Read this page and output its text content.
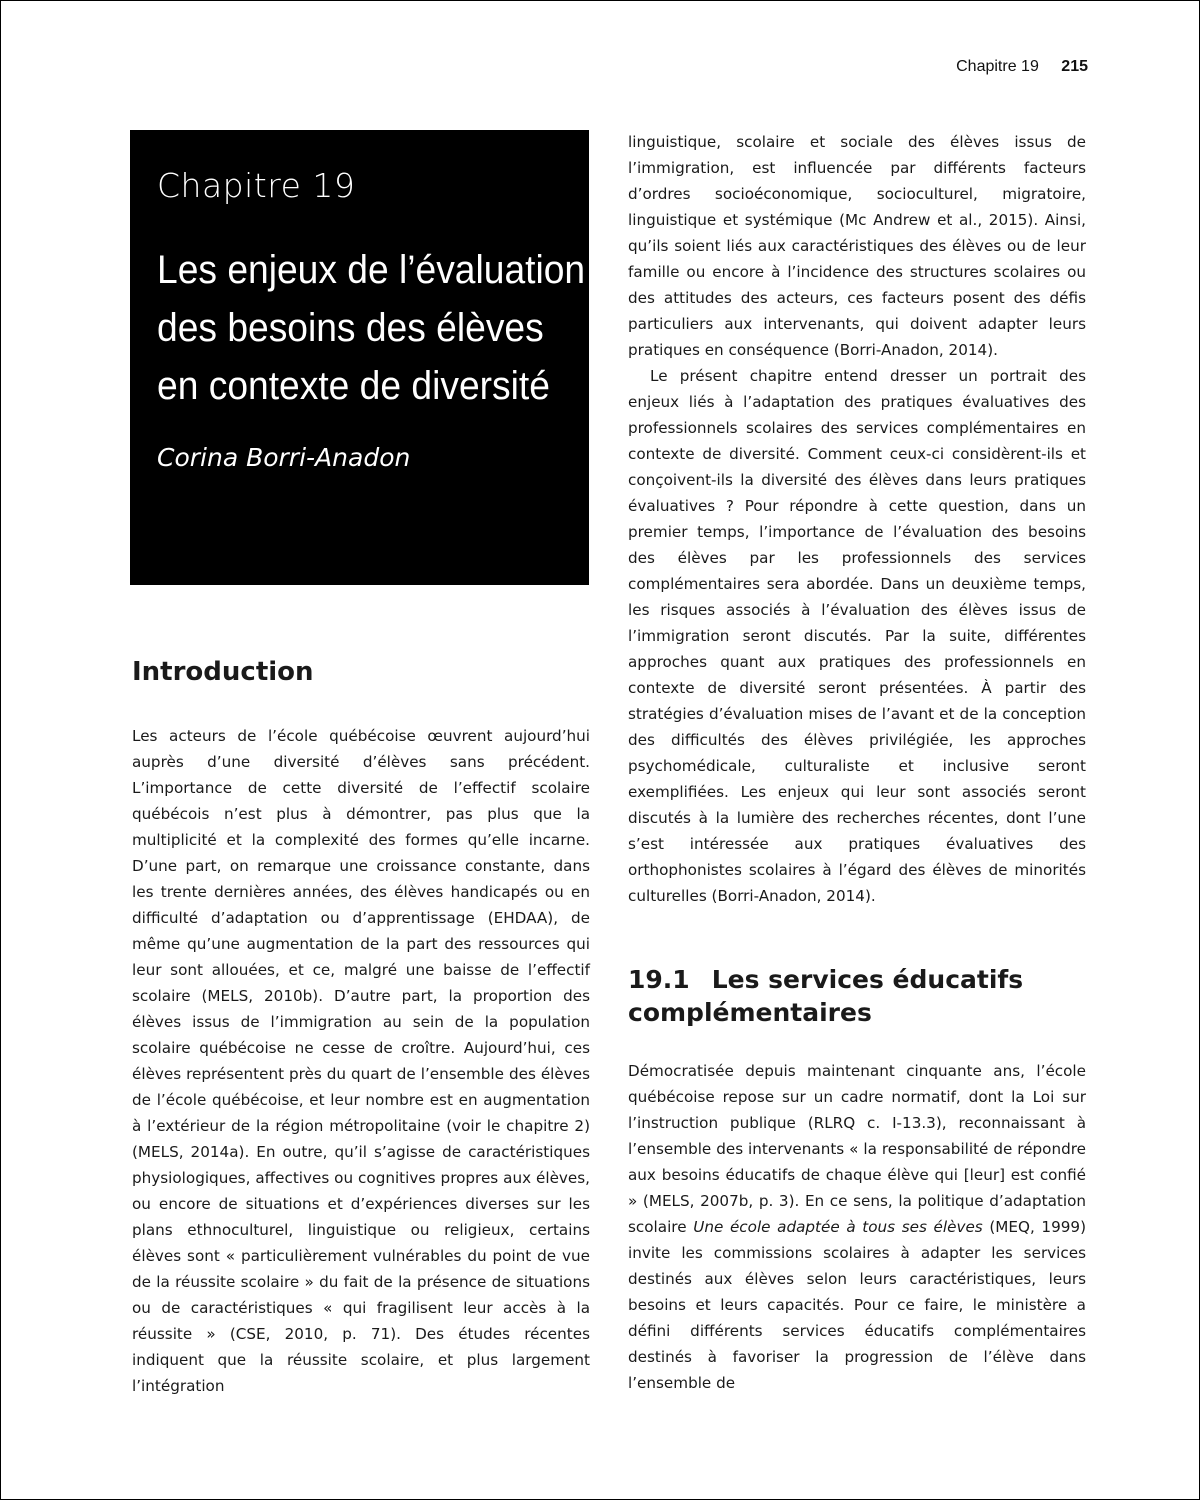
Chapitre 19 215
Chapitre 19
Les enjeux de l’évaluation des besoins des élèves en contexte de diversité
Corina Borri-Anadon
Introduction

Les acteurs de l’école québécoise œuvrent aujourd’hui auprès d’une diversité d’élèves sans précédent. L’importance de cette diversité de l’effectif scolaire québécois n’est plus à démontrer, pas plus que la multiplicité et la complexité des formes qu’elle incarne. D’une part, on remarque une croissance constante, dans les trente dernières années, des élèves handicapés ou en difficulté d’adaptation ou d’apprentissage (EHDAA), de même qu’une augmentation de la part des ressources qui leur sont allouées, et ce, malgré une baisse de l’effectif scolaire (MELS, 2010b). D’autre part, la proportion des élèves issus de l’immigration au sein de la population scolaire québécoise ne cesse de croître. Aujourd’hui, ces élèves représentent près du quart de l’ensemble des élèves de l’école québécoise, et leur nombre est en augmentation à l’extérieur de la région métropolitaine (voir le chapitre 2) (MELS, 2014a). En outre, qu’il s’agisse de caractéristiques physiologiques, affectives ou cognitives propres aux élèves, ou encore de situations et d’expériences diverses sur les plans ethnoculturel, linguistique ou religieux, certains élèves sont « particulièrement vulnérables du point de vue de la réussite scolaire » du fait de la présence de situations ou de caractéristiques « qui fragilisent leur accès à la réussite » (CSE, 2010, p. 71). Des études récentes indiquent que la réussite scolaire, et plus largement l’intégration

linguistique, scolaire et sociale des élèves issus de l’immigration, est influencée par différents facteurs d’ordres socioéconomique, socioculturel, migratoire, linguistique et systémique (Mc Andrew et al., 2015). Ainsi, qu’ils soient liés aux caractéristiques des élèves ou de leur famille ou encore à l’incidence des structures scolaires ou des attitudes des acteurs, ces facteurs posent des défis particuliers aux intervenants, qui doivent adapter leurs pratiques en conséquence (Borri-Anadon, 2014).

Le présent chapitre entend dresser un portrait des enjeux liés à l’adaptation des pratiques évaluatives des professionnels scolaires des services complémentaires en contexte de diversité. Comment ceux-ci considèrent-ils et conçoivent-ils la diversité des élèves dans leurs pratiques évaluatives ? Pour répondre à cette question, dans un premier temps, l’importance de l’évaluation des besoins des élèves par les professionnels des services complémentaires sera abordée. Dans un deuxième temps, les risques associés à l’évaluation des élèves issus de l’immigration seront discutés. Par la suite, différentes approches quant aux pratiques des professionnels en contexte de diversité seront présentées. À partir des stratégies d’évaluation mises de l’avant et de la conception des difficultés des élèves privilégiée, les approches psychomédicale, culturaliste et inclusive seront exemplifiées. Les enjeux qui leur sont associés seront discutés à la lumière des recherches récentes, dont l’une s’est intéressée aux pratiques évaluatives des orthophonistes scolaires à l’égard des élèves de minorités culturelles (Borri-Anadon, 2014).

19.1 Les services éducatifs complémentaires

Démocratisée depuis maintenant cinquante ans, l’école québécoise repose sur un cadre normatif, dont la Loi sur l’instruction publique (RLRQ c. I-13.3), reconnaissant à l’ensemble des intervenants « la responsabilité de répondre aux besoins éducatifs de chaque élève qui [leur] est confié » (MELS, 2007b, p. 3). En ce sens, la politique d’adaptation scolaire Une école adaptée à tous ses élèves (MEQ, 1999) invite les commissions scolaires à adapter les services destinés aux élèves selon leurs caractéristiques, leurs besoins et leurs capacités. Pour ce faire, le ministère a défini différents services éducatifs complémentaires destinés à favoriser la progression de l’élève dans l’ensemble de
